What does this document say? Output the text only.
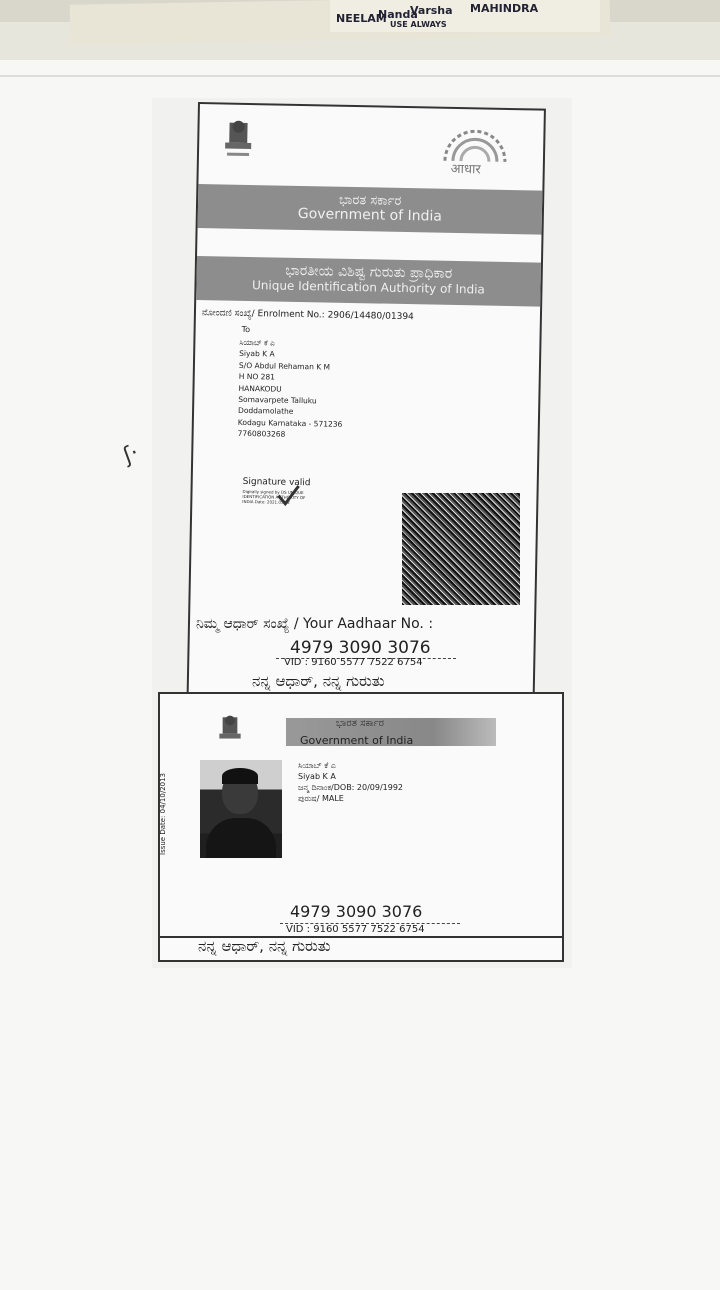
MAHINDRA
Varsha
Nanda
NEELAM USE ALWAYS
ʃ·
आधार
ಭಾರತ ಸರ್ಕಾರ
Government of India
ಭಾರತೀಯ ವಿಶಿಷ್ಟ ಗುರುತು ಪ್ರಾಧಿಕಾರ
Unique Identification Authority of India
ನೋಂದಣಿ ಸಂಖ್ಯೆ/ Enrolment No.: 2906/14480/01394
To
ಸಿಯಾಬ್ ಕೆ ಎ
Siyab K A
S/O Abdul Rehaman K M
H NO 281
HANAKODU
Somavarpete Talluku
Doddamolathe
Kodagu Karnataka - 571236
7760803268
Signature valid
Digitally signed by DS UNIQUE IDENTIFICATION AUTHORITY OF INDIA Date: 2021.05.12
ನಿಮ್ಮ ಆಧಾರ್ ಸಂಖ್ಯೆ / Your Aadhaar No. :
4979 3090 3076
VID : 9160 5577 7522 6754
ನನ್ನ ಆಧಾರ್, ನನ್ನ ಗುರುತು
ಭಾರತ ಸರ್ಕಾರ
Government of India
Issue Date: 04/10/2013
ಸಿಯಾಬ್ ಕೆ ಎ
Siyab K A
ಜನ್ಮ ದಿನಾಂಕ/DOB: 20/09/1992
ಪುರುಷ/ MALE
4979 3090 3076
VID : 9160 5577 7522 6754
ನನ್ನ ಆಧಾರ್, ನನ್ನ ಗುರುತು
